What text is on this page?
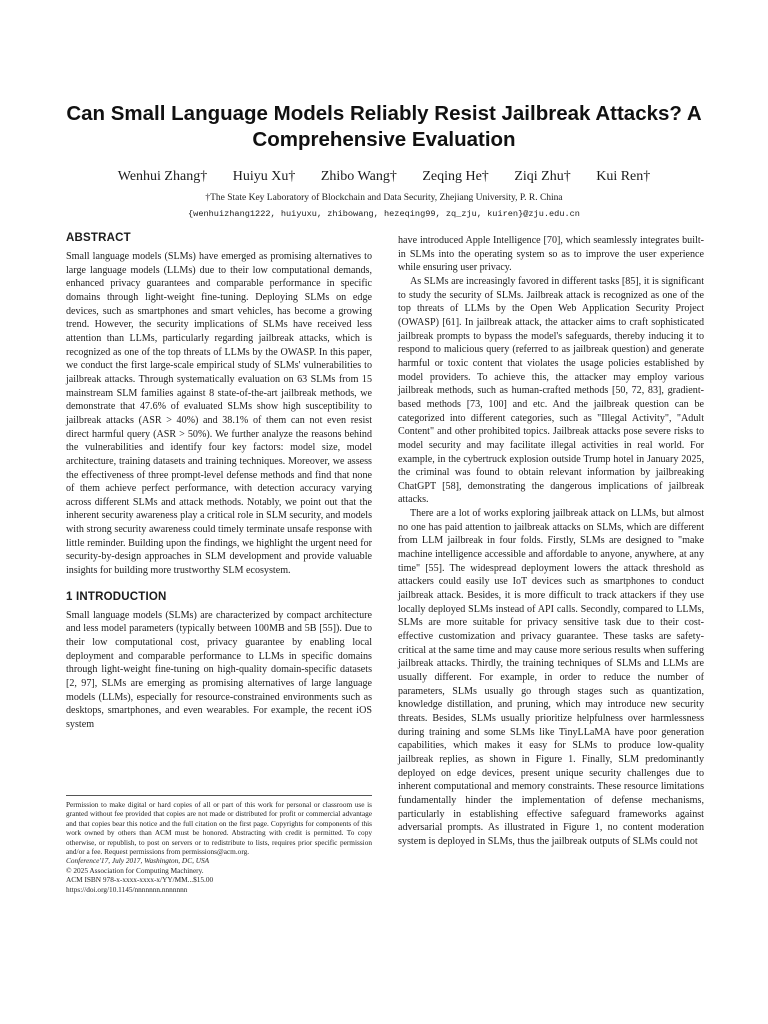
Can Small Language Models Reliably Resist Jailbreak Attacks? A Comprehensive Evaluation
Wenhui Zhang† Huiyu Xu† Zhibo Wang† Zeqing He† Ziqi Zhu† Kui Ren†
†The State Key Laboratory of Blockchain and Data Security, Zhejiang University, P. R. China
{wenhuizhang1222, huiyuxu, zhibowang, hezeqing99, zq_zju, kuiren}@zju.edu.cn
ABSTRACT

Small language models (SLMs) have emerged as promising alternatives to large language models (LLMs) due to their low computational demands, enhanced privacy guarantees and comparable performance in specific domains through light-weight fine-tuning. Deploying SLMs on edge devices, such as smartphones and smart vehicles, has become a growing trend. However, the security implications of SLMs have received less attention than LLMs, particularly regarding jailbreak attacks, which is recognized as one of the top threats of LLMs by the OWASP. In this paper, we conduct the first large-scale empirical study of SLMs' vulnerabilities to jailbreak attacks. Through systematically evaluation on 63 SLMs from 15 mainstream SLM families against 8 state-of-the-art jailbreak methods, we demonstrate that 47.6% of evaluated SLMs show high susceptibility to jailbreak attacks (ASR > 40%) and 38.1% of them can not even resist direct harmful query (ASR > 50%). We further analyze the reasons behind the vulnerabilities and identify four key factors: model size, model architecture, training datasets and training techniques. Moreover, we assess the effectiveness of three prompt-level defense methods and find that none of them achieve perfect performance, with detection accuracy varying across different SLMs and attack methods. Notably, we point out that the inherent security awareness play a critical role in SLM security, and models with strong security awareness could timely terminate unsafe response with little reminder. Building upon the findings, we highlight the urgent need for security-by-design approaches in SLM development and provide valuable insights for building more trustworthy SLM ecosystem.

1 INTRODUCTION

Small language models (SLMs) are characterized by compact architecture and less model parameters (typically between 100MB and 5B [55]). Due to their low computational cost, privacy guarantee by enabling local deployment and comparable performance to LLMs in specific domains through light-weight fine-tuning on high-quality domain-specific datasets [2, 97], SLMs are emerging as promising alternatives of large language models (LLMs), especially for resource-constrained environments such as desktops, smartphones, and even wearables. For example, the recent iOS system

have introduced Apple Intelligence [70], which seamlessly integrates built-in SLMs into the operating system so as to improve the user experience while ensuring user privacy.

As SLMs are increasingly favored in different tasks [85], it is significant to study the security of SLMs. Jailbreak attack is recognized as one of the top threats of LLMs by the Open Web Application Security Project (OWASP) [61]. In jailbreak attack, the attacker aims to craft sophisticated jailbreak prompts to bypass the model's safeguards, thereby inducing it to respond to malicious query (referred to as jailbreak question) and generate harmful or toxic content that violates the usage policies established by model providers. To achieve this, the attacker may employ various jailbreak methods, such as human-crafted methods [50, 72, 83], gradient-based methods [73, 100] and etc. And the jailbreak question can be categorized into different categories, such as "Illegal Activity", "Adult Content" and other prohibited topics. Jailbreak attacks pose severe risks to model security and may facilitate illegal activities in real world. For example, in the cybertruck explosion outside Trump hotel in January 2025, the criminal was found to obtain relevant information by jailbreaking ChatGPT [58], demonstrating the dangerous implications of jailbreak attacks.

There are a lot of works exploring jailbreak attack on LLMs, but almost no one has paid attention to jailbreak attacks on SLMs, which are different from LLM jailbreak in four folds. Firstly, SLMs are designed to "make machine intelligence accessible and affordable to anyone, anywhere, at any time" [55]. The widespread deployment lowers the attack threshold as attackers could easily use IoT devices such as smartphones to conduct jailbreak attack. Besides, it is more difficult to track attackers if they use locally deployed SLMs instead of API calls. Secondly, compared to LLMs, SLMs are more suitable for privacy sensitive task due to their cost-effective customization and privacy guarantee. These tasks are safety-critical at the same time and may cause more serious results when suffering jailbreak attacks. Thirdly, the training techniques of SLMs and LLMs are usually different. For example, in order to reduce the number of parameters, SLMs usually go through stages such as quantization, knowledge distillation, and pruning, which may introduce new security threats. Besides, SLMs usually prioritize helpfulness over harmlessness during training and some SLMs like TinyLLaMA have poor generation capabilities, which makes it easy for SLMs to produce low-quality jailbreak replies, as shown in Figure 1. Finally, SLM predominantly deployed on edge devices, present unique security challenges due to inherent computational and memory constraints. These resource limitations fundamentally hinder the implementation of defense mechanisms, particularly in establishing effective safeguard frameworks against adversarial prompts. As illustrated in Figure 1, no content moderation system is deployed in SLMs, thus the jailbreak outputs of SLMs could not

Permission to make digital or hard copies of all or part of this work for personal or classroom use is granted without fee provided that copies are not made or distributed for profit or commercial advantage and that copies bear this notice and the full citation on the first page. Copyrights for components of this work owned by others than ACM must be honored. Abstracting with credit is permitted. To copy otherwise, or republish, to post on servers or to redistribute to lists, requires prior specific permission and/or a fee. Request permissions from permissions@acm.org.

Conference'17, July 2017, Washington, DC, USA

© 2025 Association for Computing Machinery.

ACM ISBN 978-x-xxxx-xxxx-x/YY/MM...$15.00

https://doi.org/10.1145/nnnnnnn.nnnnnnn
